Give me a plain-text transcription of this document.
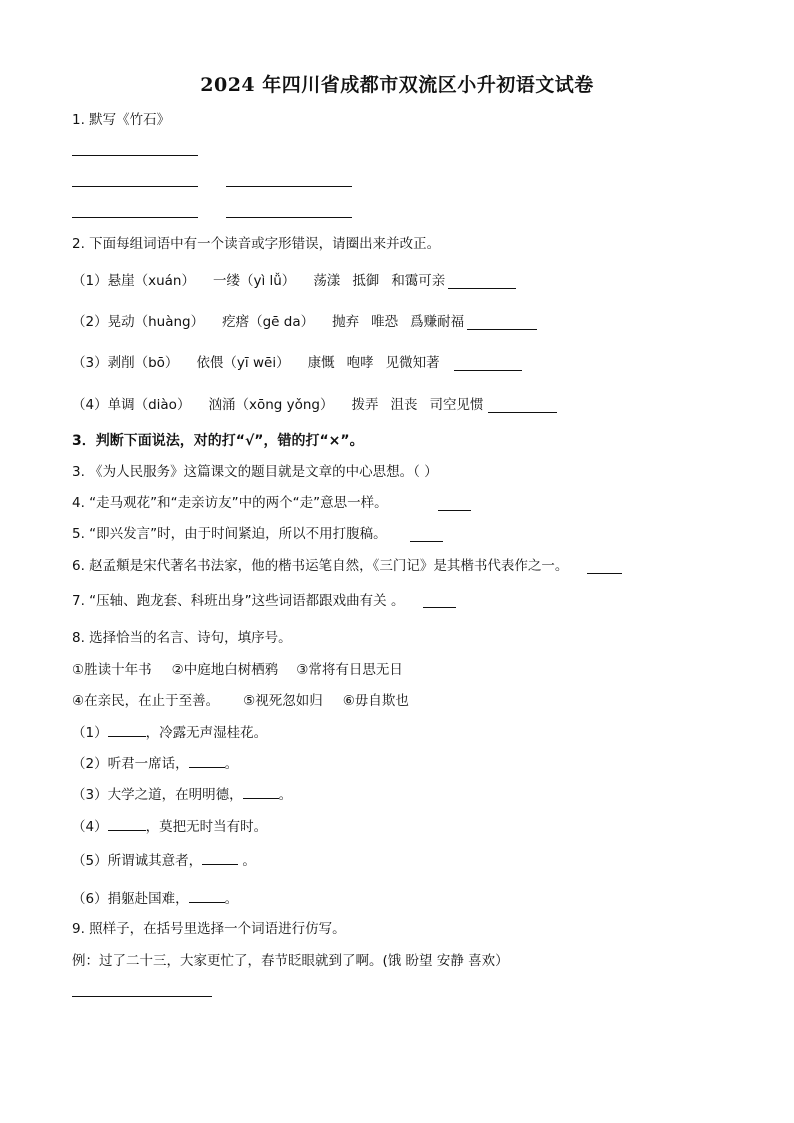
2024 年四川省成都市双流区小升初语文试卷
1. 默写《竹石》
2. 下面每组词语中有一个读音或字形错误，请圈出来并改正。
（1）悬崖（xuán） 一缕（yì lǚ） 荡漾 抵御 和霭可亲
（2）晃动（huàng） 疙瘩（gē da） 抛弃 唯恐 爲赚耐福
（3）剥削（bō） 依偎（yī wēi） 康慨 咆哮 见微知著
（4）单调（diào） 汹涌（xōng yǒng） 拨弄 沮丧 司空见惯
3．判断下面说法，对的打“√”，错的打“×”。
3. 《为人民服务》这篇课文的题目就是文章的中心思想。（ ）
4. “走马观花”和“走亲访友”中的两个“走”意思一样。
5. “即兴发言”时，由于时间紧迫，所以不用打腹稿。
6. 赵孟頫是宋代著名书法家，他的楷书运笔自然，《三门记》是其楷书代表作之一。
7. “压轴、跑龙套、科班出身”这些词语都跟戏曲有关 。
8. 选择恰当的名言、诗句，填序号。
①胜读十年书 ②中庭地白树栖鸦 ③常将有日思无日
④在亲民，在止于至善。 ⑤视死忽如归 ⑥毋自欺也
（1）	，冷露无声湿桂花。
（2）听君一席话，	。
（3）大学之道，在明明德，	。
（4）	，莫把无时当有时。
（5）所谓诚其意者，	。
（6）捐躯赴国难，	。
9. 照样子，在括号里选择一个词语进行仿写。
例：过了二十三，大家更忙了，春节眨眼就到了啊。(饿 盼望 安静 喜欢）
